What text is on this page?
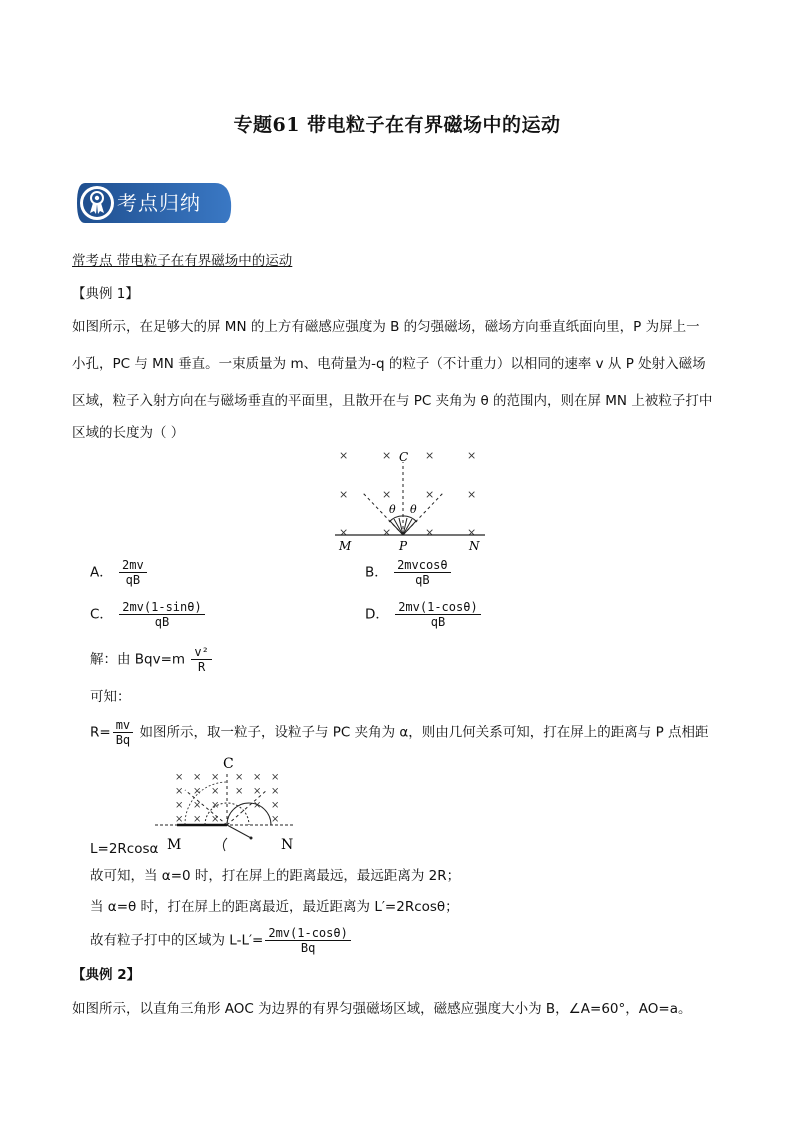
专题61 带电粒子在有界磁场中的运动
考点归纳
常考点 带电粒子在有界磁场中的运动
【典例 1】
如图所示，在足够大的屏 MN 的上方有磁感应强度为 B 的匀强磁场，磁场方向垂直纸面向里，P 为屏上一
小孔，PC 与 MN 垂直。一束质量为 m、电荷量为-q 的粒子（不计重力）以相同的速率 v 从 P 处射入磁场
区域，粒子入射方向在与磁场垂直的平面里，且散开在与 PC 夹角为 θ 的范围内，则在屏 MN 上被粒子打中
区域的长度为（ ）
×	×	×	×
×	×	×	×
×	×	×	×
θ θ
C
M	P	N
A． $\frac{2mv}{qB}$	B． $\frac{2mvcos\theta}{qB}$
C． $\frac{2mv(1-\sin\theta)}{qB}$	D． $\frac{2mv(1-\cos\theta)}{qB}$
解：由 $Bqv=m \frac{\text{v²}}{R}$
可知：
$R= \frac{mv}{Bq}$ 如图所示，取一粒子，设粒子与 PC 夹角为 α，则由几何关系可知，打在屏上的距离与 P 点相距
C
× × × × × ×
× × × × × ×
× × ×	× ×
× × ×	×
M	N
L=2Rcosα
故可知，当 α=0 时，打在屏上的距离最远，最远距离为 2R；
当 α=θ 时，打在屏上的距离最近，最近距离为 L′=2Rcosθ；
故有粒子打中的区域为 $L-L'= \frac{2mv(1-\cos\theta)}{Bq}$
【典例 2】
如图所示，以直角三角形 AOC 为边界的有界匀强磁场区域，磁感应强度大小为 B，∠A=60°，AO=a。
